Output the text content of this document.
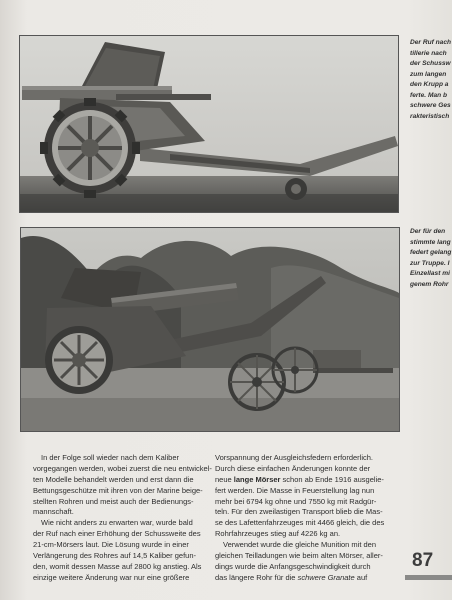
Der Ruf nach
tillerie nach
der Schussw
zum langen
den Krupp a
ferte. Man b
schwere Ges
rakteristisch
Der für den
stimmte lang
federt gelang
zur Truppe. I
Einzellast mi
genem Rohr
In der Folge soll wieder nach dem Kaliber
vorgegangen werden, wobei zuerst die neu entwickel-
ten Modelle behandelt werden und erst dann die
Bettungsgeschütze mit ihren von der Marine beige-
stellten Rohren und meist auch der Bedienungs-
mannschaft.
Wie nicht anders zu erwarten war, wurde bald
der Ruf nach einer Erhöhung der Schussweite des
21-cm-Mörsers laut. Die Lösung wurde in einer
Verlängerung des Rohres auf 14,5 Kaliber gefun-
den, womit dessen Masse auf 2800 kg anstieg. Als
einzige weitere Änderung war nur eine größere
Vorspannung der Ausgleichsfedern erforderlich.
Durch diese einfachen Änderungen konnte der
neue lange Mörser schon ab Ende 1916 ausgelie-
fert werden. Die Masse in Feuerstellung lag nun
mehr bei 6794 kg ohne und 7550 kg mit Radgür-
teln. Für den zweilastigen Transport blieb die Mas-
se des Lafettenfahrzeuges mit 4466 gleich, die des
Rohrfahrzeuges stieg auf 4226 kg an.
Verwendet wurde die gleiche Munition mit den
gleichen Teilladungen wie beim alten Mörser, aller-
dings wurde die Anfangsgeschwindigkeit durch
das längere Rohr für die schwere Granate auf
87
